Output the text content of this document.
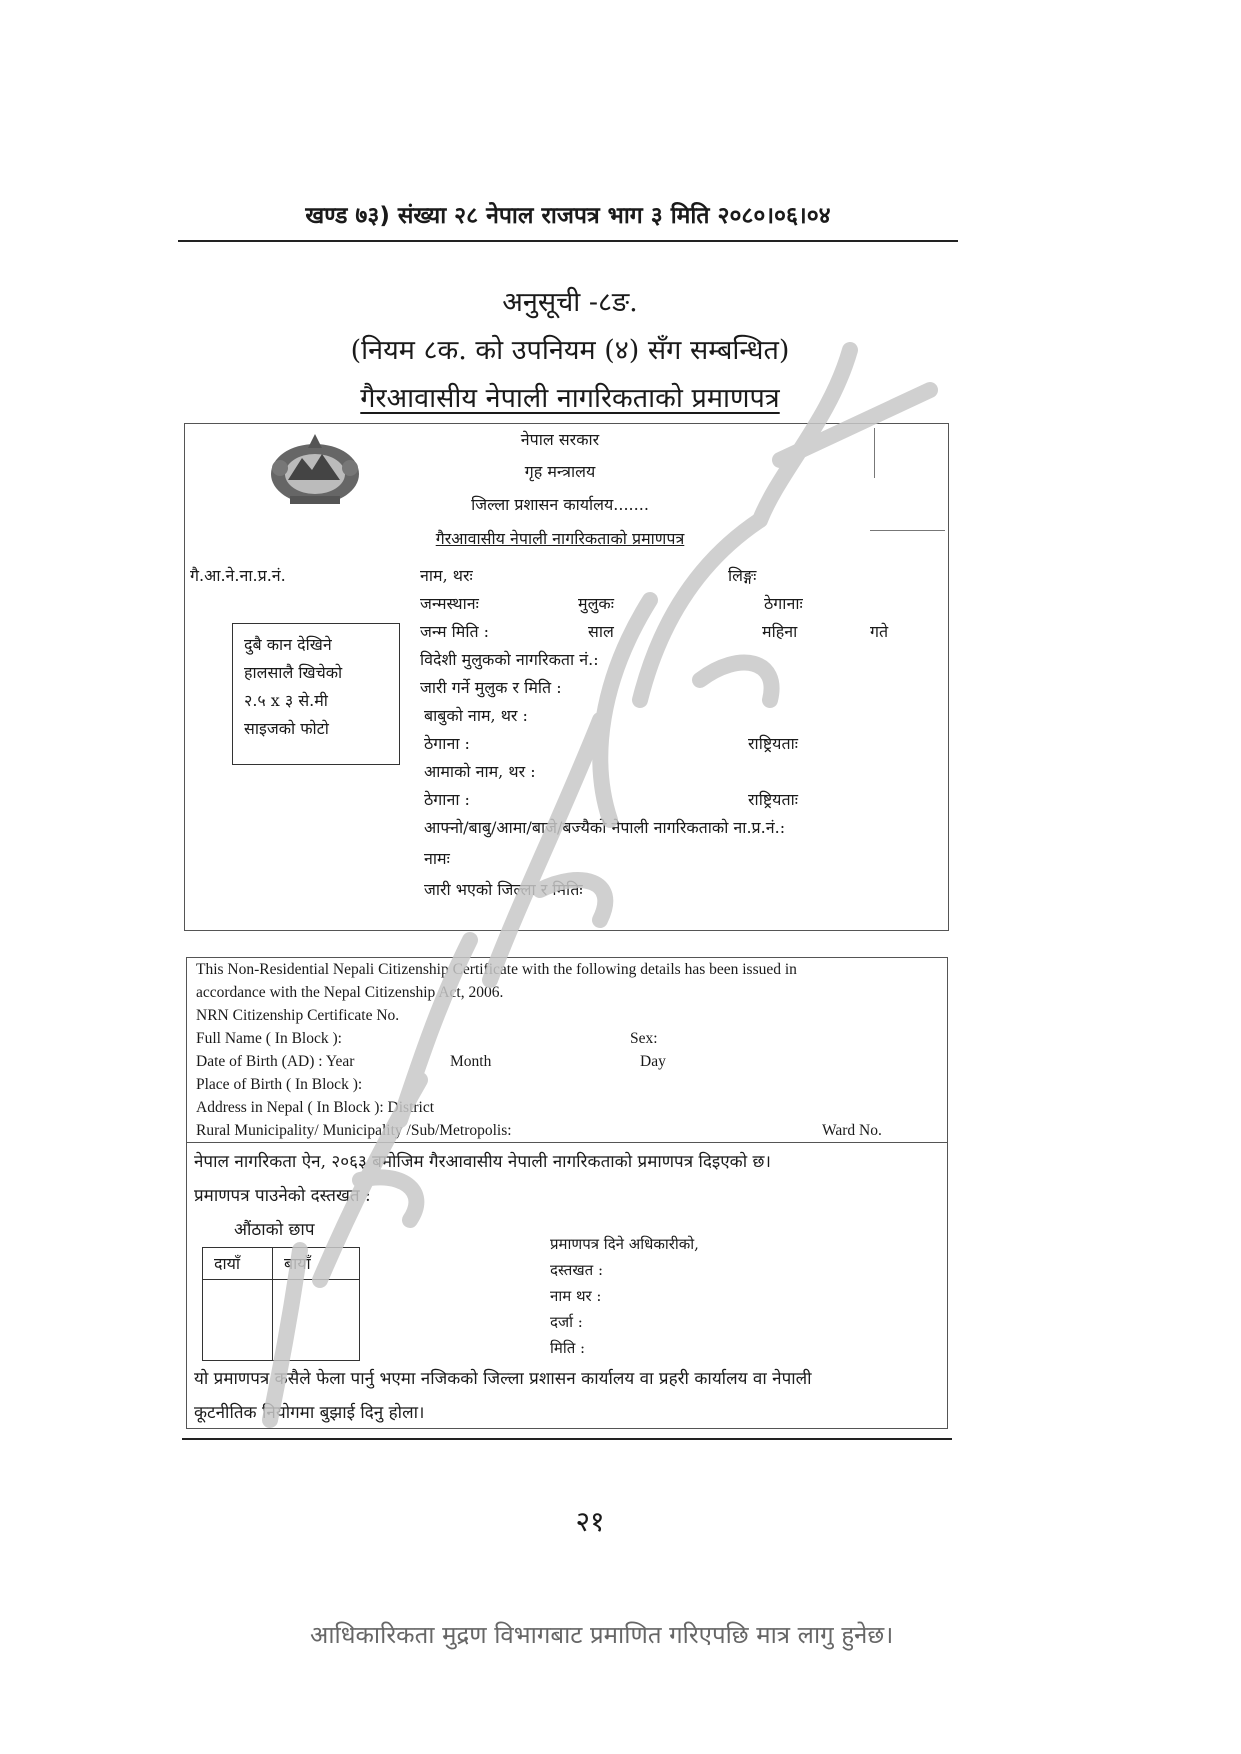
खण्ड ७३) संख्या २८ नेपाल राजपत्र भाग ३ मिति २०८०।०६।०४
अनुसूची -८ङ.
(नियम ८क. को उपनियम (४) सँग सम्बन्धित)
गैरआवासीय नेपाली नागरिकताको प्रमाणपत्र
नेपाल सरकार
गृह मन्त्रालय
जिल्ला प्रशासन कार्यालय.......
गैरआवासीय नेपाली नागरिकताको प्रमाणपत्र
गै.आ.ने.ना.प्र.नं.	नाम, थरः	लिङ्गः
जन्मस्थानः	मुलुकः	ठेगानाः
जन्म मिति :	साल	महिना	गते
विदेशी मुलुकको नागरिकता नं.:
जारी गर्ने मुलुक र मिति :
बाबुको नाम, थर :
ठेगाना :	राष्ट्रियताः
आमाको नाम, थर :
ठेगाना :	राष्ट्रियताः
आफ्नो/बाबु/आमा/बाजे/बज्यैको नेपाली नागरिकताको ना.प्र.नं.:
नामः
जारी भएको जिल्ला र मितिः
दुबै कान देखिने
हालसालै खिचेको
२.५ x ३ से.मी
साइजको फोटो
This Non-Residential Nepali Citizenship Certificate with the following details has been issued in
accordance with the Nepal Citizenship Act, 2006.
NRN Citizenship Certificate No.
Full Name ( In Block ):	Sex:
Date of Birth (AD) : Year	Month	Day
Place of Birth ( In Block ):
Address in Nepal ( In Block ): District
Rural Municipality/ Municipality /Sub/Metropolis:	Ward No.
नेपाल नागरिकता ऐन, २०६३ बमोजिम गैरआवासीय नेपाली नागरिकताको प्रमाणपत्र दिइएको छ।
प्रमाणपत्र पाउनेको दस्तखत :
औंठाको छाप
दायाँ	बायाँ
प्रमाणपत्र दिने अधिकारीको,
दस्तखत :
नाम थर :
दर्जा :
मिति :
यो प्रमाणपत्र कसैले फेला पार्नु भएमा नजिकको जिल्ला प्रशासन कार्यालय वा प्रहरी कार्यालय वा नेपाली
कूटनीतिक नियोगमा बुझाई दिनु होला।
२१
आधिकारिकता मुद्रण विभागबाट प्रमाणित गरिएपछि मात्र लागु हुनेछ।
